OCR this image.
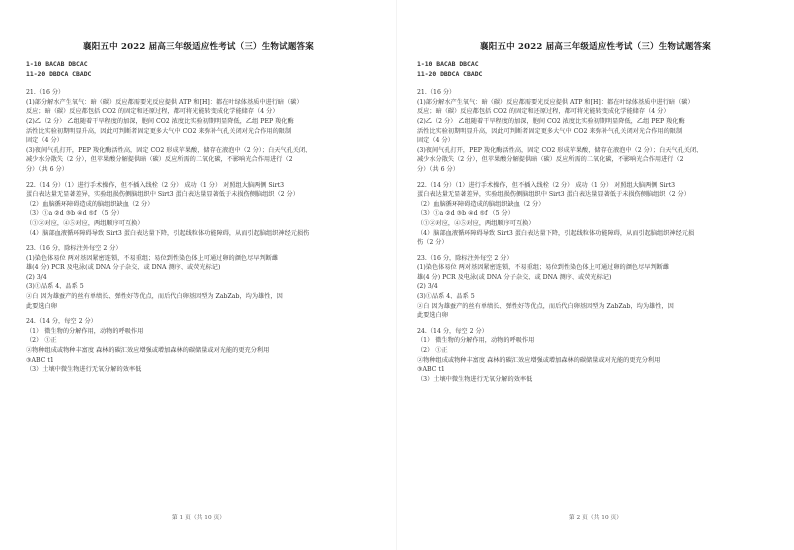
襄阳五中 2022 届高三年级适应性考试（三）生物试题答案
1-10 BACAB DBCAC
11-20 DBDCA CBADC
21.（16 分）
(1)部分解水产生氧气：暗（碳）反应都需要光反应提供 ATP 和[H]：都在叶绿体基质中进行暗（碳）
反应；暗（碳）反应都包括 CO2 的固定和还原过程，都可将光能转变成化学能储存（4 分）
(2)乙（2 分） 乙组随着干旱程度的加深，胞间 CO2 浓度比实验初期明显降低，乙组 PEP 羧化酶
活性比实验初期明显升高，因此可判断者固定更多大气中 CO2 来弥补气孔关闭对光合作用的限制
固定（4 分）
(3)夜间气孔打开，PEP 羧化酶活性高，固定 CO2 形成苹果酸，储存在液泡中（2 分）；白天气孔关闭、
减少水分散失（2 分），但苹果酸分解提供暗（碳）反应所需的二氧化碳，不影响光合作用进行（2
分）（共 6 分）
22.（14 分）（1）进行手术操作，但不插入线栓（2 分） 成功（1 分） 对照组大脑两侧 Sirt3
蛋白表达量无显著差异，实验组损伤侧脑组织中 Sirt3 蛋白表达量显著低于未损伤侧脑组织（2 分）
（2）血脑循环障碍造成的脑组织缺血（2 分）
（3）①a ②d ③b ④d ⑤f （5 分）
（①②对应，④⑤对应，两组顺序可互换）
（4）脑部血液循环障碍导致 Sirt3 蛋白表达量下降，引起线粒体功能障碍，从而引起脑组织神经元损伤
23.（16 分，除标注外每空 2 分）
(1)染色体易位 两对基因紧密连锁，不易重组；易位到性染色体上可通过卵的颜色尽早判断雌
雄(4 分) PCR 及电泳(或 DNA 分子杂交、或 DNA 测序、或荧光标记)
(2) 3/4
(3)①品系 4、品系 5
②白 因为雄蚕产的丝有单绩长、弹性好等优点，而后代白卵基因型为 ZabZab，均为雄性，因
此要选白卵
24.（14 分，每空 2 分）
（1） 微生物的分解作用，动物的呼吸作用
（2） ①正
②物种组成或物种丰富度 森林的碳汇效应增强或增加森林的碳储量或对光能的更充分利用
③ABC t1
（3）土壤中微生物进行无氧分解的效率低
第 1 页（共 10 页）
襄阳五中 2022 届高三年级适应性考试（三）生物试题答案
1-10 BACAB DBCAC
11-20 DBDCA CBADC
21.（16 分）
(1)部分解水产生氧气：暗（碳）反应都需要光反应提供 ATP 和[H]：都在叶绿体基质中进行暗（碳）
反应；暗（碳）反应都包括 CO2 的固定和还原过程，都可将光能转变成化学能储存（4 分）
(2)乙（2 分） 乙组随着干旱程度的加深，胞间 CO2 浓度比实验初期明显降低，乙组 PEP 羧化酶
活性比实验初期明显升高，因此可判断者固定更多大气中 CO2 来弥补气孔关闭对光合作用的限制
固定（4 分）
(3)夜间气孔打开，PEP 羧化酶活性高，固定 CO2 形成苹果酸，储存在液泡中（2 分）；白天气孔关闭、
减少水分散失（2 分），但苹果酸分解提供暗（碳）反应所需的二氧化碳，不影响光合作用进行（2
分）（共 6 分）
22.（14 分）（1）进行手术操作，但不插入线栓（2 分） 成功（1 分） 对照组大脑两侧 Sirt3
蛋白表达量无显著差异，实验组损伤侧脑组织中 Sirt3 蛋白表达量显著低于未损伤侧脑组织（2 分）
（2）血脑循环障碍造成的脑组织缺血（2 分）
（3）①a ②d ③b ④d ⑤f （5 分）
（①②对应，④⑤对应，两组顺序可互换）
（4）脑部血液循环障碍导致 Sirt3 蛋白表达量下降，引起线粒体功能障碍，从而引起脑组织神经元损
伤（2 分）
23.（16 分，除标注外每空 2 分）
(1)染色体易位 两对基因紧密连锁，不易重组；易位到性染色体上可通过卵的颜色尽早判断雌
雄(4 分) PCR 及电泳(或 DNA 分子杂交、或 DNA 测序、或荧光标记)
(2) 3/4
(3)①品系 4、品系 5
②白 因为雄蚕产的丝有单绩长、弹性好等优点，而后代白卵基因型为 ZabZab，均为雄性，因
此要选白卵
24.（14 分，每空 2 分）
（1） 微生物的分解作用，动物的呼吸作用
（2） ①正
②物种组成或物种丰富度 森林的碳汇效应增强或增加森林的碳储量或对光能的更充分利用
③ABC t1
（3）土壤中微生物进行无氧分解的效率低
第 2 页（共 10 页）
